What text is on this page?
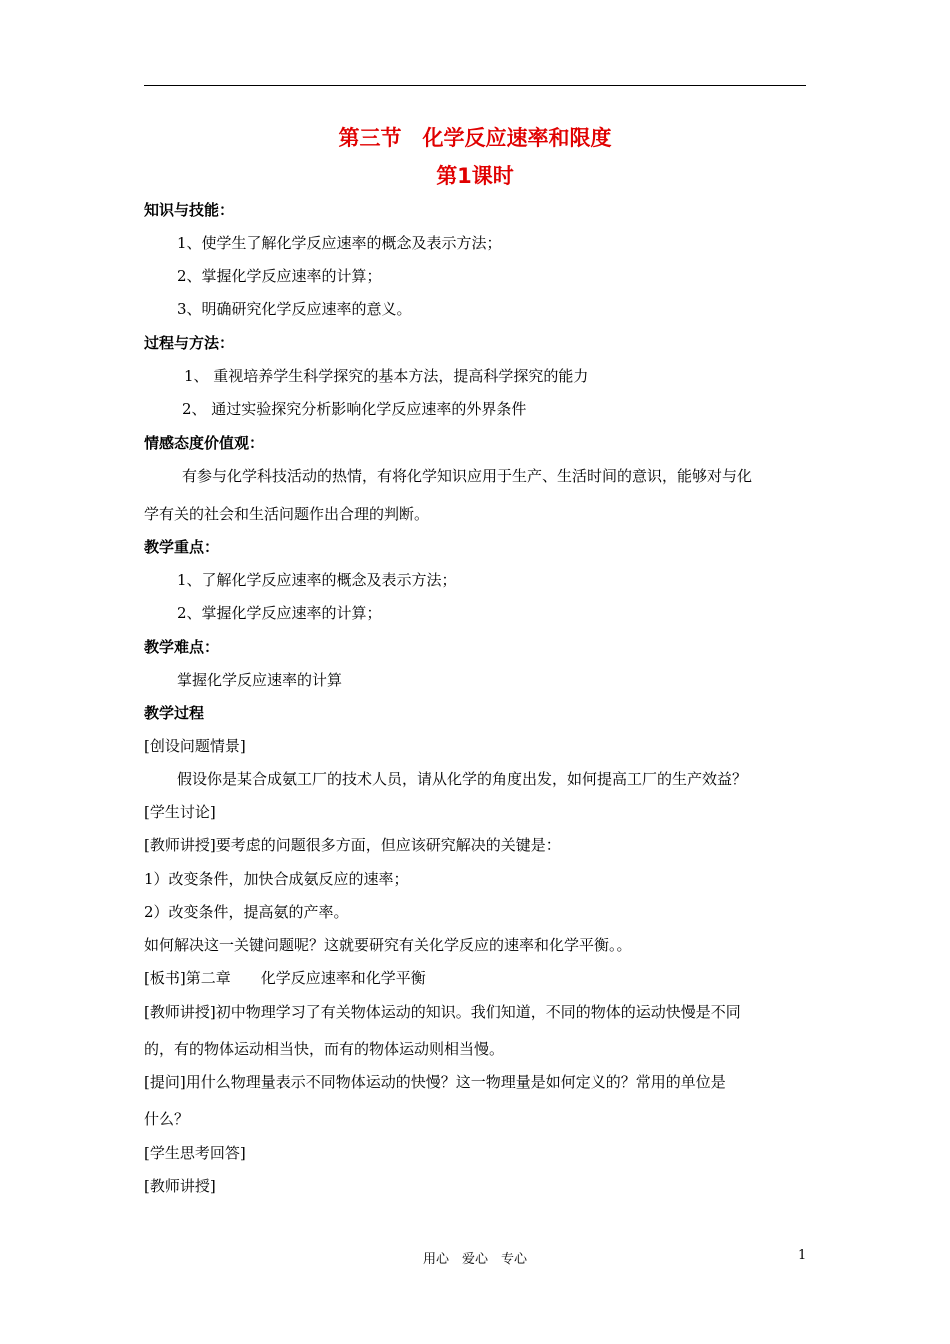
第三节　化学反应速率和限度
第1课时
知识与技能：
1、使学生了解化学反应速率的概念及表示方法；
2、掌握化学反应速率的计算；
3、明确研究化学反应速率的意义。
过程与方法：
1、 重视培养学生科学探究的基本方法，提高科学探究的能力
2、 通过实验探究分析影响化学反应速率的外界条件
情感态度价值观：
有参与化学科技活动的热情，有将化学知识应用于生产、生活时间的意识，能够对与化
学有关的社会和生活问题作出合理的判断。
教学重点：
1、了解化学反应速率的概念及表示方法；
2、掌握化学反应速率的计算；
教学难点：
掌握化学反应速率的计算
教学过程
[创设问题情景]
假设你是某合成氨工厂的技术人员，请从化学的角度出发，如何提高工厂的生产效益？
[学生讨论]
[教师讲授]要考虑的问题很多方面，但应该研究解决的关键是：
1）改变条件，加快合成氨反应的速率；
2）改变条件，提高氨的产率。
如何解决这一关键问题呢？这就要研究有关化学反应的速率和化学平衡。。
[板书]第二章　　化学反应速率和化学平衡
[教师讲授]初中物理学习了有关物体运动的知识。我们知道，不同的物体的运动快慢是不同
的，有的物体运动相当快，而有的物体运动则相当慢。
[提问]用什么物理量表示不同物体运动的快慢？这一物理量是如何定义的？常用的单位是
什么？
[学生思考回答]
[教师讲授]
用心　爱心　专心	1
